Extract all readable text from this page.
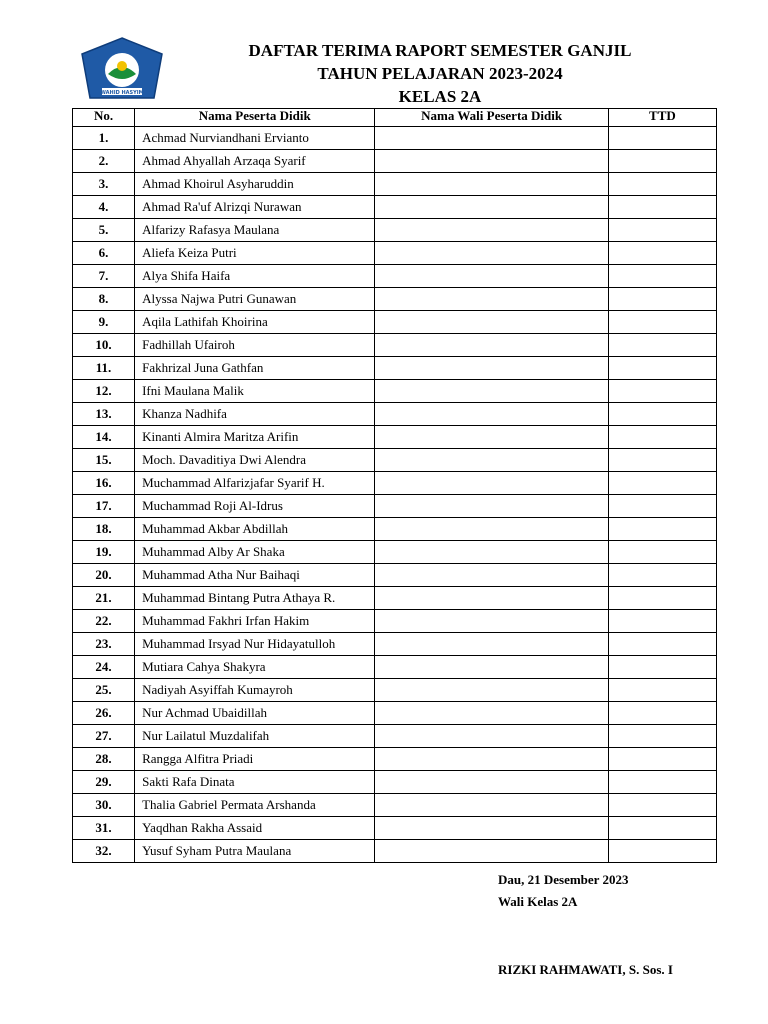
WAHID HASYIM
DAFTAR TERIMA RAPORT SEMESTER GANJIL
TAHUN PELAJARAN 2023-2024
KELAS 2A
No.	Nama Peserta Didik	Nama Wali Peserta Didik	TTD
1.	Achmad Nurviandhani Ervianto		
2.	Ahmad Ahyallah Arzaqa Syarif		
3.	Ahmad Khoirul Asyharuddin		
4.	Ahmad Ra'uf Alrizqi Nurawan		
5.	Alfarizy Rafasya Maulana		
6.	Aliefa Keiza Putri		
7.	Alya Shifa Haifa		
8.	Alyssa Najwa Putri Gunawan		
9.	Aqila Lathifah Khoirina		
10.	Fadhillah Ufairoh		
11.	Fakhrizal Juna Gathfan		
12.	Ifni Maulana Malik		
13.	Khanza Nadhifa		
14.	Kinanti Almira Maritza Arifin		
15.	Moch. Davaditiya Dwi Alendra		
16.	Muchammad Alfarizjafar Syarif H.		
17.	Muchammad Roji Al-Idrus		
18.	Muhammad Akbar Abdillah		
19.	Muhammad Alby Ar Shaka		
20.	Muhammad Atha Nur Baihaqi		
21.	Muhammad Bintang Putra Athaya R.		
22.	Muhammad Fakhri Irfan Hakim		
23.	Muhammad Irsyad Nur Hidayatulloh		
24.	Mutiara Cahya Shakyra		
25.	Nadiyah Asyiffah Kumayroh		
26.	Nur Achmad Ubaidillah		
27.	Nur Lailatul Muzdalifah		
28.	Rangga Alfitra Priadi		
29.	Sakti Rafa Dinata		
30.	Thalia Gabriel Permata Arshanda		
31.	Yaqdhan Rakha Assaid		
32.	Yusuf Syham Putra Maulana		
Dau, 21 Desember 2023
Wali Kelas 2A
RIZKI RAHMAWATI, S. Sos. I
